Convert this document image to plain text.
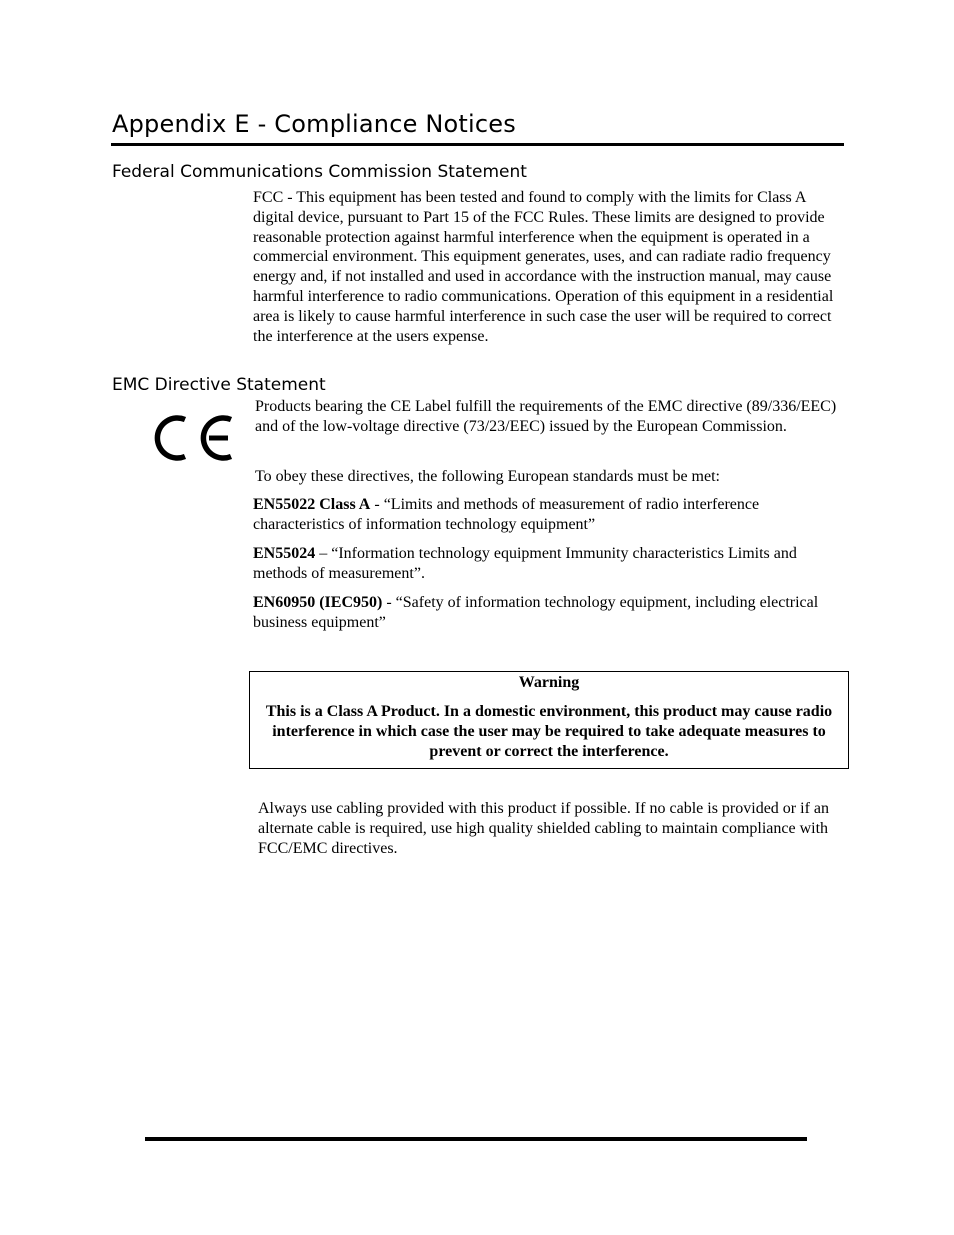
Appendix E - Compliance Notices
Federal Communications Commission Statement

FCC - This equipment has been tested and found to comply with the limits for Class A digital device, pursuant to Part 15 of the FCC Rules. These limits are designed to provide reasonable protection against harmful interference when the equipment is operated in a commercial environment. This equipment generates, uses, and can radiate radio frequency energy and, if not installed and used in accordance with the instruction manual, may cause harmful interference to radio communications. Operation of this equipment in a residential area is likely to cause harmful interference in such case the user will be required to correct the interference at the users expense.

EMC Directive Statement

Products bearing the CE Label fulfill the requirements of the EMC directive (89/336/EEC) and of the low-voltage directive (73/23/EEC) issued by the European Commission.

To obey these directives, the following European standards must be met:

EN55022 Class A - “Limits and methods of measurement of radio interference characteristics of information technology equipment”

EN55024 – “Information technology equipment Immunity characteristics Limits and methods of measurement”.

EN60950 (IEC950) - “Safety of information technology equipment, including electrical business equipment”

Warning
This is a Class A Product. In a domestic environment, this product may cause radio interference in which case the user may be required to take adequate measures to prevent or correct the interference.

Always use cabling provided with this product if possible. If no cable is provided or if an alternate cable is required, use high quality shielded cabling to maintain compliance with FCC/EMC directives.
